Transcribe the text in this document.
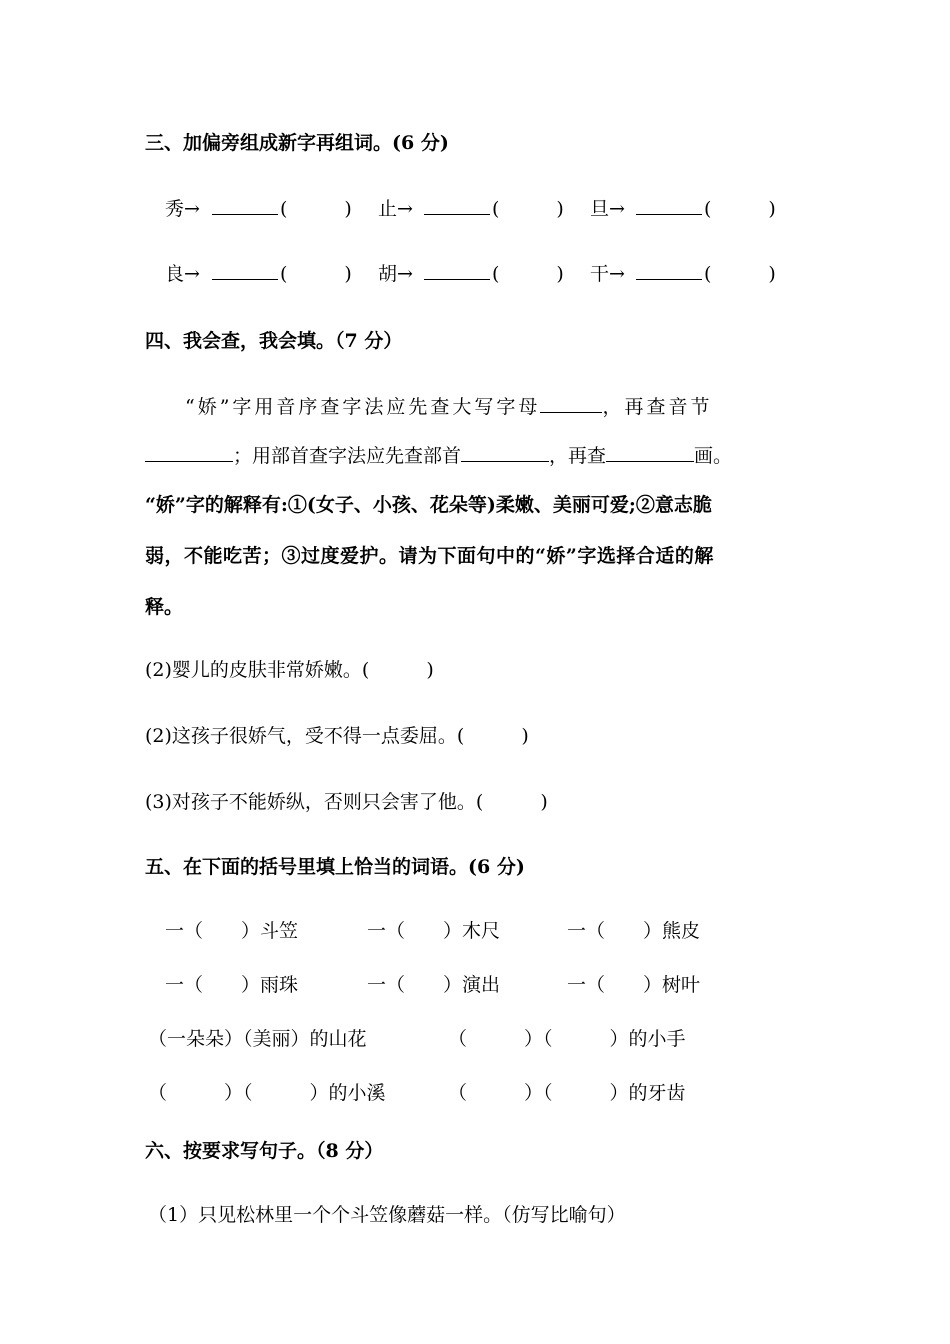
三、加偏旁组成新字再组词。(6 分)
秀→	(　　　) 止→	(　　　) 旦→	(　　　)
良→	(　　　) 胡→	(　　　) 干→	(　　　)
四、我会查，我会填。（7 分）
“娇”字用音序查字法应先查大写字母	，再查音节
；用部首查字法应先查部首	，再查	画。
“娇”字的解释有:①(女子、小孩、花朵等)柔嫩、美丽可爱;②意志脆
弱，不能吃苦；③过度爱护。请为下面句中的“娇”字选择合适的解
释。
(2)婴儿的皮肤非常娇嫩。(　　　)
(2)这孩子很娇气，受不得一点委屈。(　　　)
(3)对孩子不能娇纵，否则只会害了他。(　　　)
五、在下面的括号里填上恰当的词语。(6 分)
一（　　）斗笠	一（　　）木尺	一（　　）熊皮
一（　　）雨珠	一（　　）演出	一（　　）树叶
（一朵朵）（美丽）的山花	（　　　）（　　　）的小手
（　　　）（　　　）的小溪	（　　　）（　　　）的牙齿
六、按要求写句子。（8 分）
（1）只见松林里一个个斗笠像蘑菇一样。（仿写比喻句）
